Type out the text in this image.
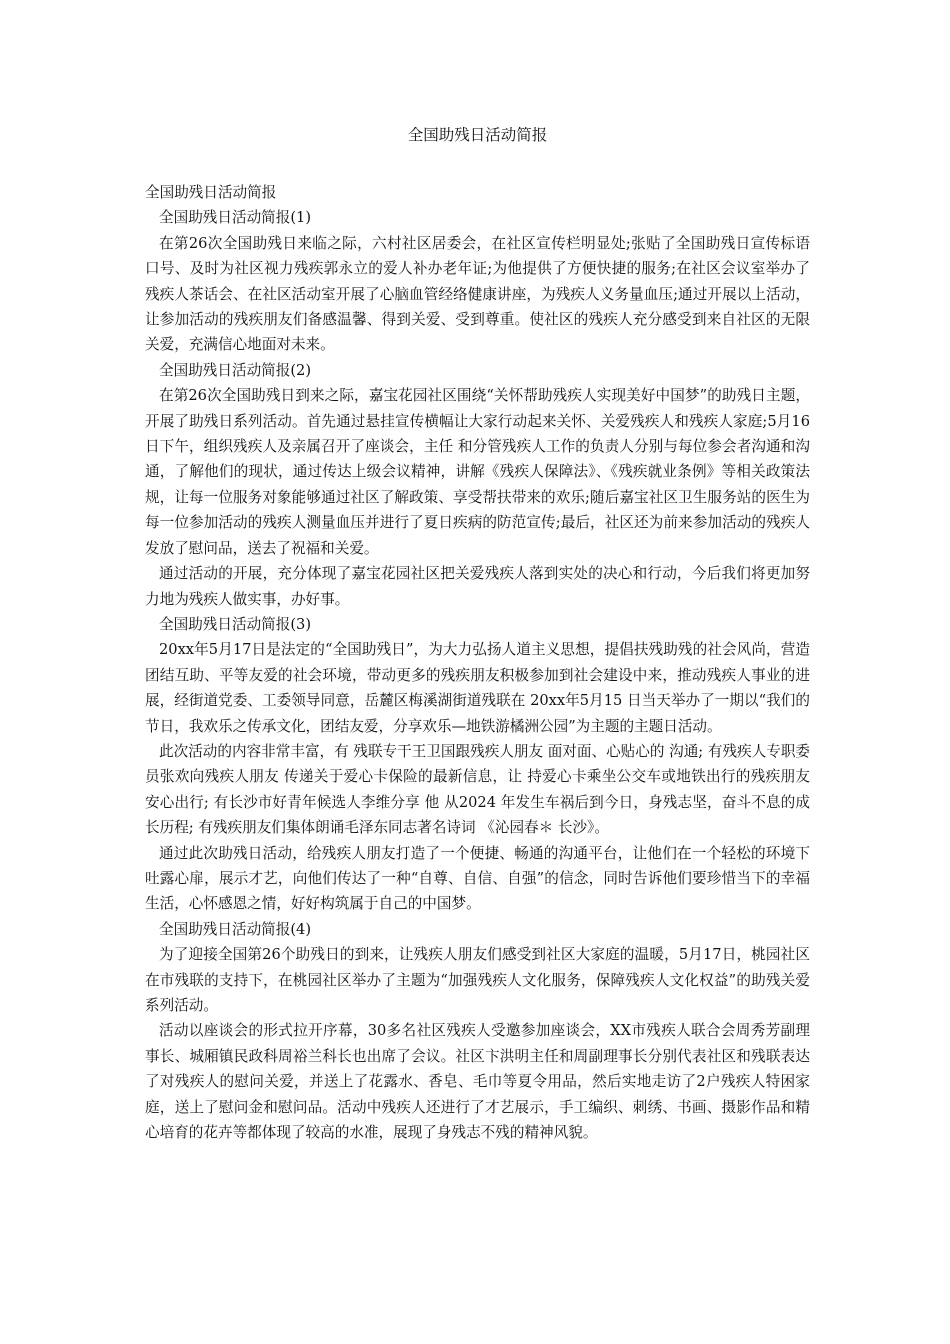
全国助残日活动简报
全国助残日活动简报
全国助残日活动简报(1)
在第26次全国助残日来临之际，六村社区居委会，在社区宣传栏明显处;张贴了全国助残日宣传标语口号、及时为社区视力残疾郭永立的爱人补办老年证;为他提供了方便快捷的服务;在社区会议室举办了残疾人茶话会、在社区活动室开展了心脑血管经络健康讲座，为残疾人义务量血压;通过开展以上活动，让参加活动的残疾朋友们备感温馨、得到关爱、受到尊重。使社区的残疾人充分感受到来自社区的无限关爱，充满信心地面对未来。
全国助残日活动简报(2)
在第26次全国助残日到来之际，嘉宝花园社区围绕“关怀帮助残疾人实现美好中国梦”的助残日主题，开展了助残日系列活动。首先通过悬挂宣传横幅让大家行动起来关怀、关爱残疾人和残疾人家庭;5月16日下午，组织残疾人及亲属召开了座谈会，主任 和分管残疾人工作的负责人分别与每位参会者沟通和沟通，了解他们的现状，通过传达上级会议精神，讲解《残疾人保障法》、《残疾就业条例》等相关政策法规，让每一位服务对象能够通过社区了解政策、享受帮扶带来的欢乐;随后嘉宝社区卫生服务站的医生为每一位参加活动的残疾人测量血压并进行了夏日疾病的防范宣传;最后，社区还为前来参加活动的残疾人发放了慰问品，送去了祝福和关爱。
通过活动的开展，充分体现了嘉宝花园社区把关爱残疾人落到实处的决心和行动，今后我们将更加努力地为残疾人做实事，办好事。
全国助残日活动简报(3)
20xx年5月17日是法定的“全国助残日”，为大力弘扬人道主义思想，提倡扶残助残的社会风尚，营造团结互助、平等友爱的社会环境，带动更多的残疾朋友积极参加到社会建设中来，推动残疾人事业的进展，经街道党委、工委领导同意，岳麓区梅溪湖街道残联在 20xx年5月15 日当天举办了一期以“我们的节日，我欢乐之传承文化，团结友爱，分享欢乐—地铁游橘洲公园”为主题的主题日活动。
此次活动的内容非常丰富，有 残联专干王卫国跟残疾人朋友 面对面、心贴心的 沟通; 有残疾人专职委员张欢向残疾人朋友 传递关于爱心卡保险的最新信息，让 持爱心卡乘坐公交车或地铁出行的残疾朋友安心出行; 有长沙市好青年候选人李维分享 他 从2024 年发生车祸后到今日，身残志坚，奋斗不息的成长历程; 有残疾朋友们集体朗诵毛泽东同志著名诗词 《沁园春＊ 长沙》。
通过此次助残日活动，给残疾人朋友打造了一个便捷、畅通的沟通平台，让他们在一个轻松的环境下吐露心扉，展示才艺，向他们传达了一种“自尊、自信、自强”的信念，同时告诉他们要珍惜当下的幸福生活，心怀感恩之情，好好构筑属于自己的中国梦。
全国助残日活动简报(4)
为了迎接全国第26个助残日的到来，让残疾人朋友们感受到社区大家庭的温暖，5月17日，桃园社区在市残联的支持下，在桃园社区举办了主题为“加强残疾人文化服务，保障残疾人文化权益”的助残关爱系列活动。
活动以座谈会的形式拉开序幕，30多名社区残疾人受邀参加座谈会，XX市残疾人联合会周秀芳副理事长、城厢镇民政科周裕兰科长也出席了会议。社区卞洪明主任和周副理事长分别代表社区和残联表达了对残疾人的慰问关爱，并送上了花露水、香皂、毛巾等夏令用品，然后实地走访了2户残疾人特困家庭，送上了慰问金和慰问品。活动中残疾人还进行了才艺展示，手工编织、刺绣、书画、摄影作品和精心培育的花卉等都体现了较高的水准，展现了身残志不残的精神风貌。
